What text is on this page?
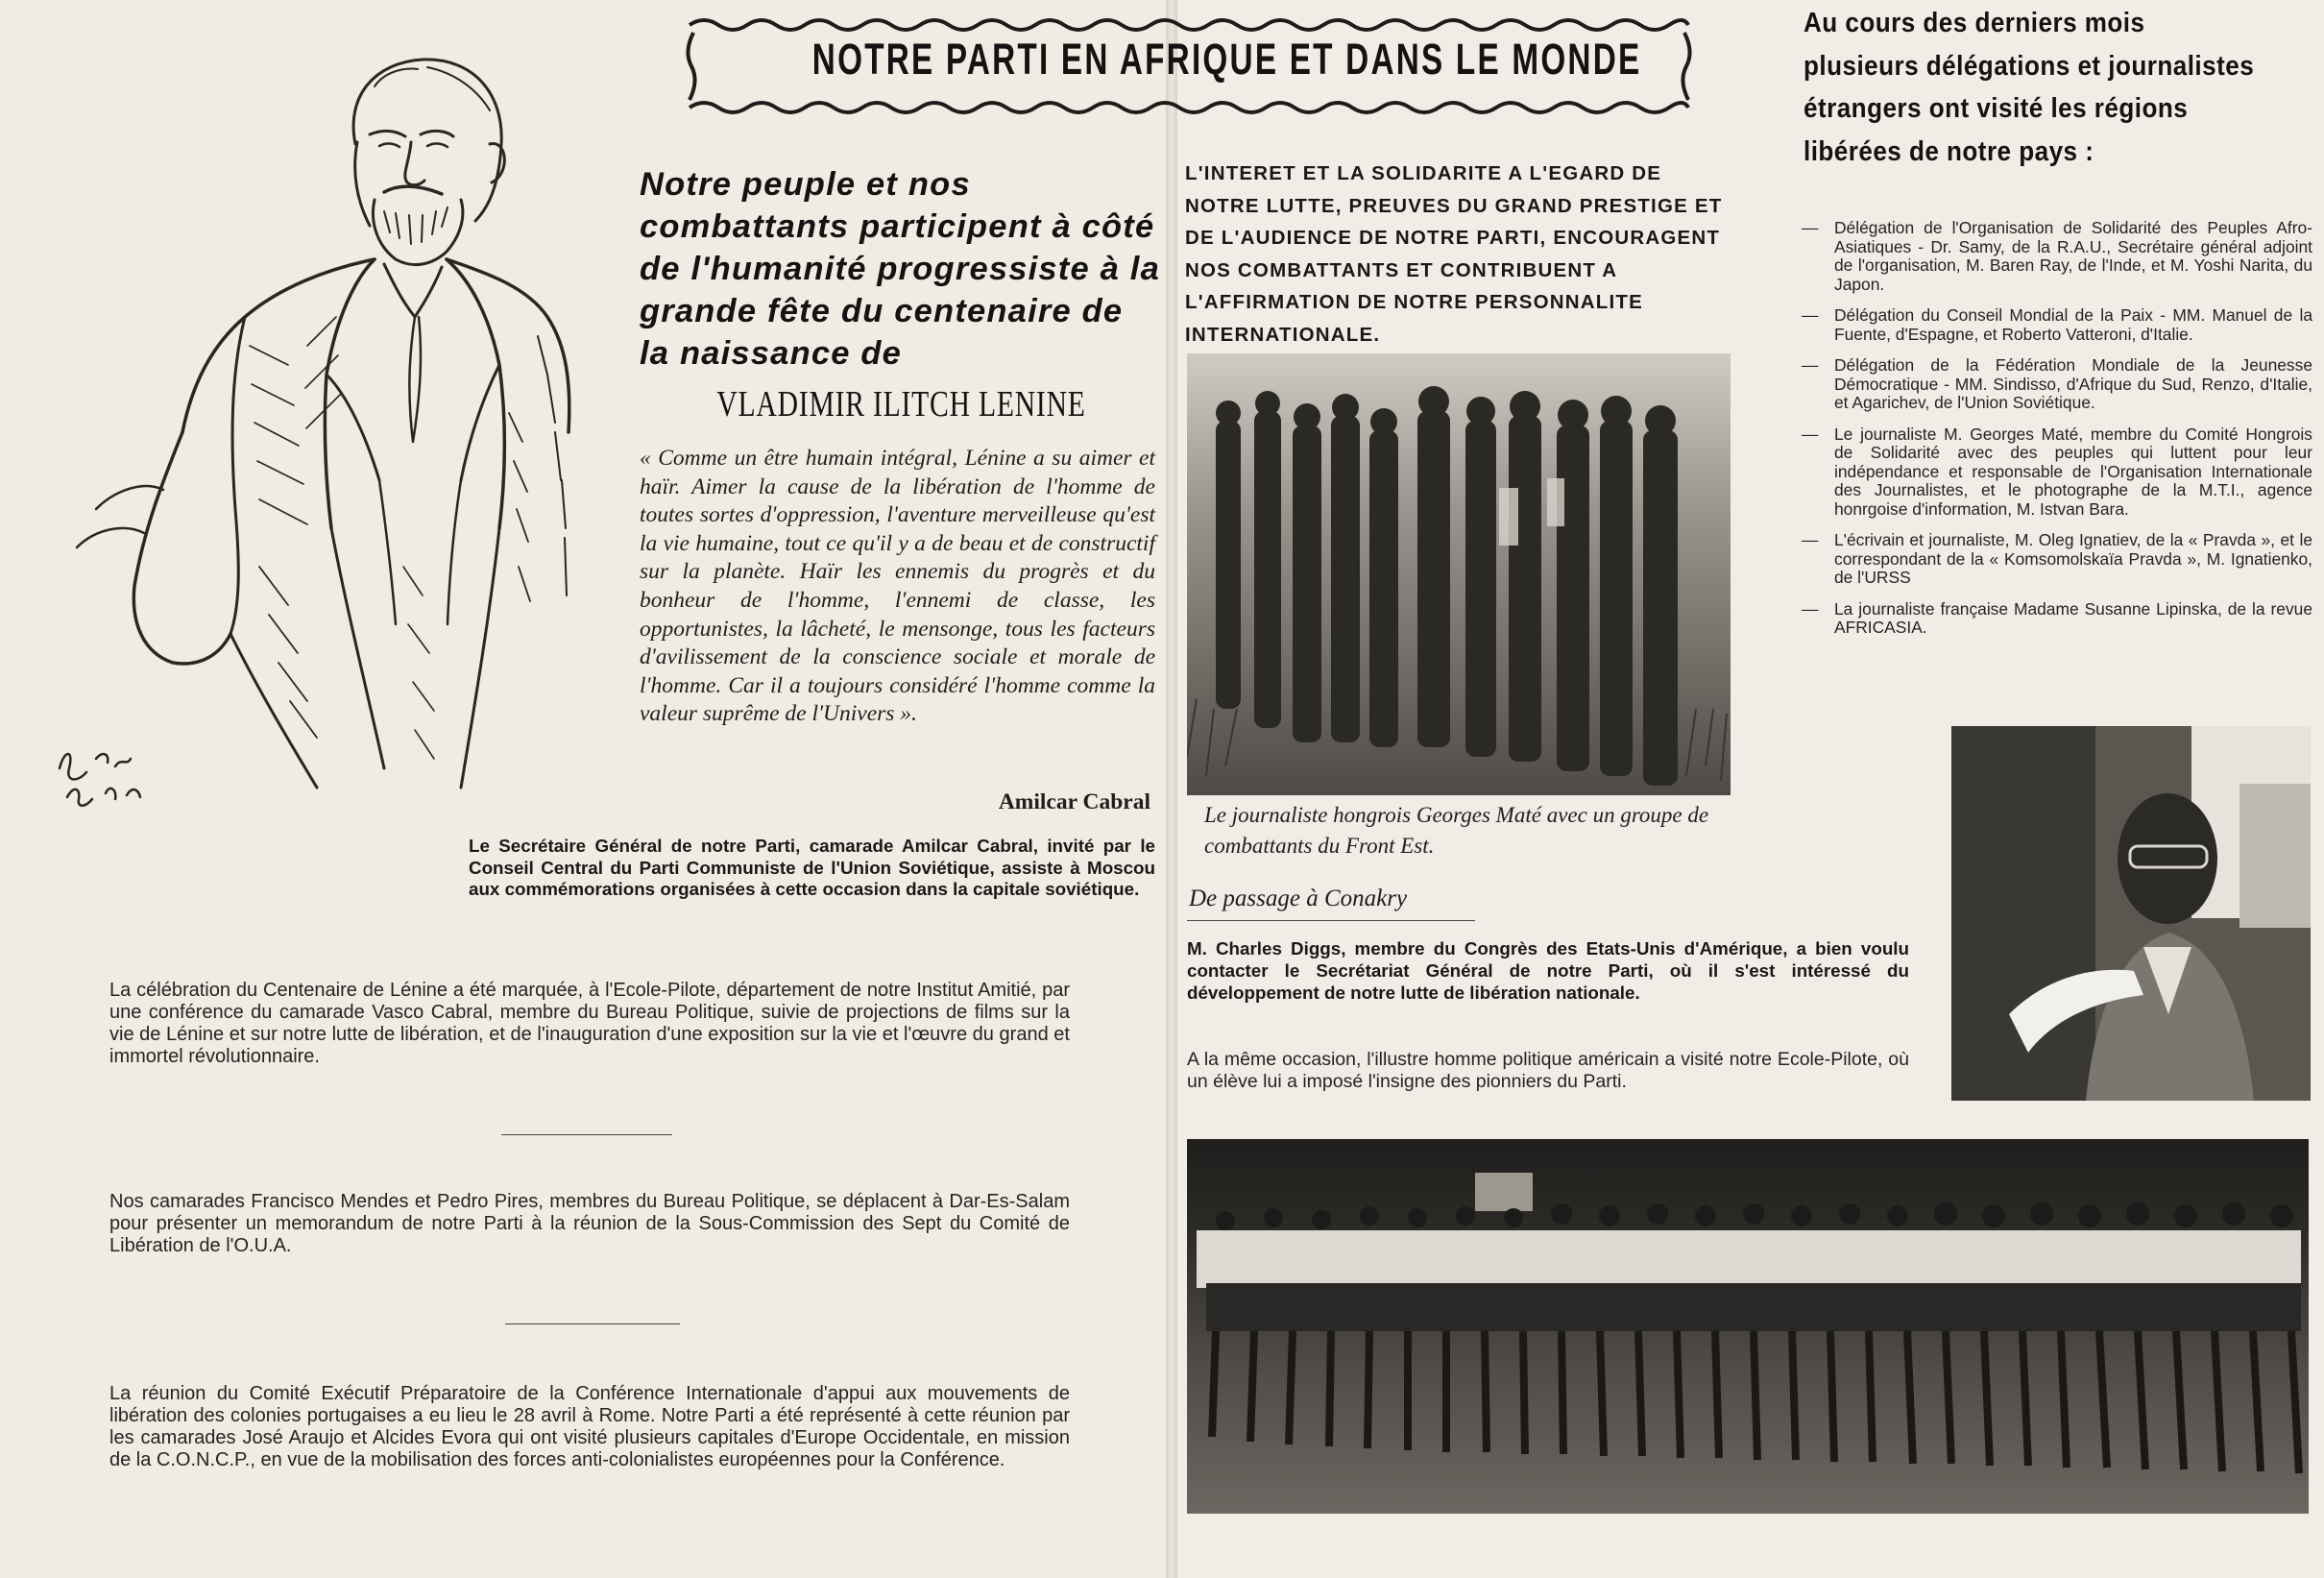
NOTRE PARTI EN AFRIQUE ET DANS LE MONDE
Notre peuple et nos combattants participent à côté de l'humanité progressiste à la grande fête du centenaire de la naissance de
VLADIMIR ILITCH LENINE
« Comme un être humain intégral, Lénine a su aimer et haïr. Aimer la cause de la libération de l'homme de toutes sortes d'oppression, l'aventure merveilleuse qu'est la vie humaine, tout ce qu'il y a de beau et de constructif sur la planète. Haïr les ennemis du progrès et du bonheur de l'homme, l'ennemi de classe, les opportunistes, la lâcheté, le mensonge, tous les facteurs d'avilissement de la conscience sociale et morale de l'homme. Car il a toujours considéré l'homme comme la valeur suprême de l'Univers ».
Amilcar Cabral
Le Secrétaire Général de notre Parti, camarade Amilcar Cabral, invité par le Conseil Central du Parti Communiste de l'Union Soviétique, assiste à Moscou aux commémorations organisées à cette occasion dans la capitale soviétique.
La célébration du Centenaire de Lénine a été marquée, à l'Ecole-Pilote, département de notre Institut Amitié, par une conférence du camarade Vasco Cabral, membre du Bureau Politique, suivie de projections de films sur la vie de Lénine et sur notre lutte de libération, et de l'inauguration d'une exposition sur la vie et l'œuvre du grand et immortel révolutionnaire.
Nos camarades Francisco Mendes et Pedro Pires, membres du Bureau Politique, se déplacent à Dar-Es-Salam pour présenter un memorandum de notre Parti à la réunion de la Sous-Commission des Sept du Comité de Libération de l'O.U.A.
La réunion du Comité Exécutif Préparatoire de la Conférence Internationale d'appui aux mouvements de libération des colonies portugaises a eu lieu le 28 avril à Rome. Notre Parti a été représenté à cette réunion par les camarades José Araujo et Alcides Evora qui ont visité plusieurs capitales d'Europe Occidentale, en mission de la C.O.N.C.P., en vue de la mobilisation des forces anti-colonialistes européennes pour la Conférence.
L'INTERET ET LA SOLIDARITE A L'EGARD DE NOTRE LUTTE, PREUVES DU GRAND PRESTIGE ET DE L'AUDIENCE DE NOTRE PARTI, ENCOURAGENT NOS COMBATTANTS ET CONTRIBUENT A L'AFFIRMATION DE NOTRE PERSONNALITE INTERNATIONALE.
Le journaliste hongrois Georges Maté avec un groupe de combattants du Front Est.
De passage à Conakry
M. Charles Diggs, membre du Congrès des Etats-Unis d'Amérique, a bien voulu contacter le Secrétariat Général de notre Parti, où il s'est intéressé du développement de notre lutte de libération nationale.
A la même occasion, l'illustre homme politique américain a visité notre Ecole-Pilote, où un élève lui a imposé l'insigne des pionniers du Parti.
Au cours des derniers mois plusieurs délégations et journalistes étrangers ont visité les régions libérées de notre pays :
— Délégation de l'Organisation de Solidarité des Peuples Afro-Asiatiques - Dr. Samy, de la R.A.U., Secrétaire général adjoint de l'organisation, M. Baren Ray, de l'Inde, et M. Yoshi Narita, du Japon.
— Délégation du Conseil Mondial de la Paix - MM. Manuel de la Fuente, d'Espagne, et Roberto Vatteroni, d'Italie.
— Délégation de la Fédération Mondiale de la Jeunesse Démocratique - MM. Sindisso, d'Afrique du Sud, Renzo, d'Italie, et Agarichev, de l'Union Soviétique.
— Le journaliste M. Georges Maté, membre du Comité Hongrois de Solidarité avec des peuples qui luttent pour leur indépendance et responsable de l'Organisation Internationale des Journalistes, et le photographe de la M.T.I., agence honrgoise d'information, M. Istvan Bara.
— L'écrivain et journaliste, M. Oleg Ignatiev, de la « Pravda », et le correspondant de la « Komsomolskaïa Pravda », M. Ignatienko, de l'URSS
— La journaliste française Madame Susanne Lipinska, de la revue AFRICASIA.
